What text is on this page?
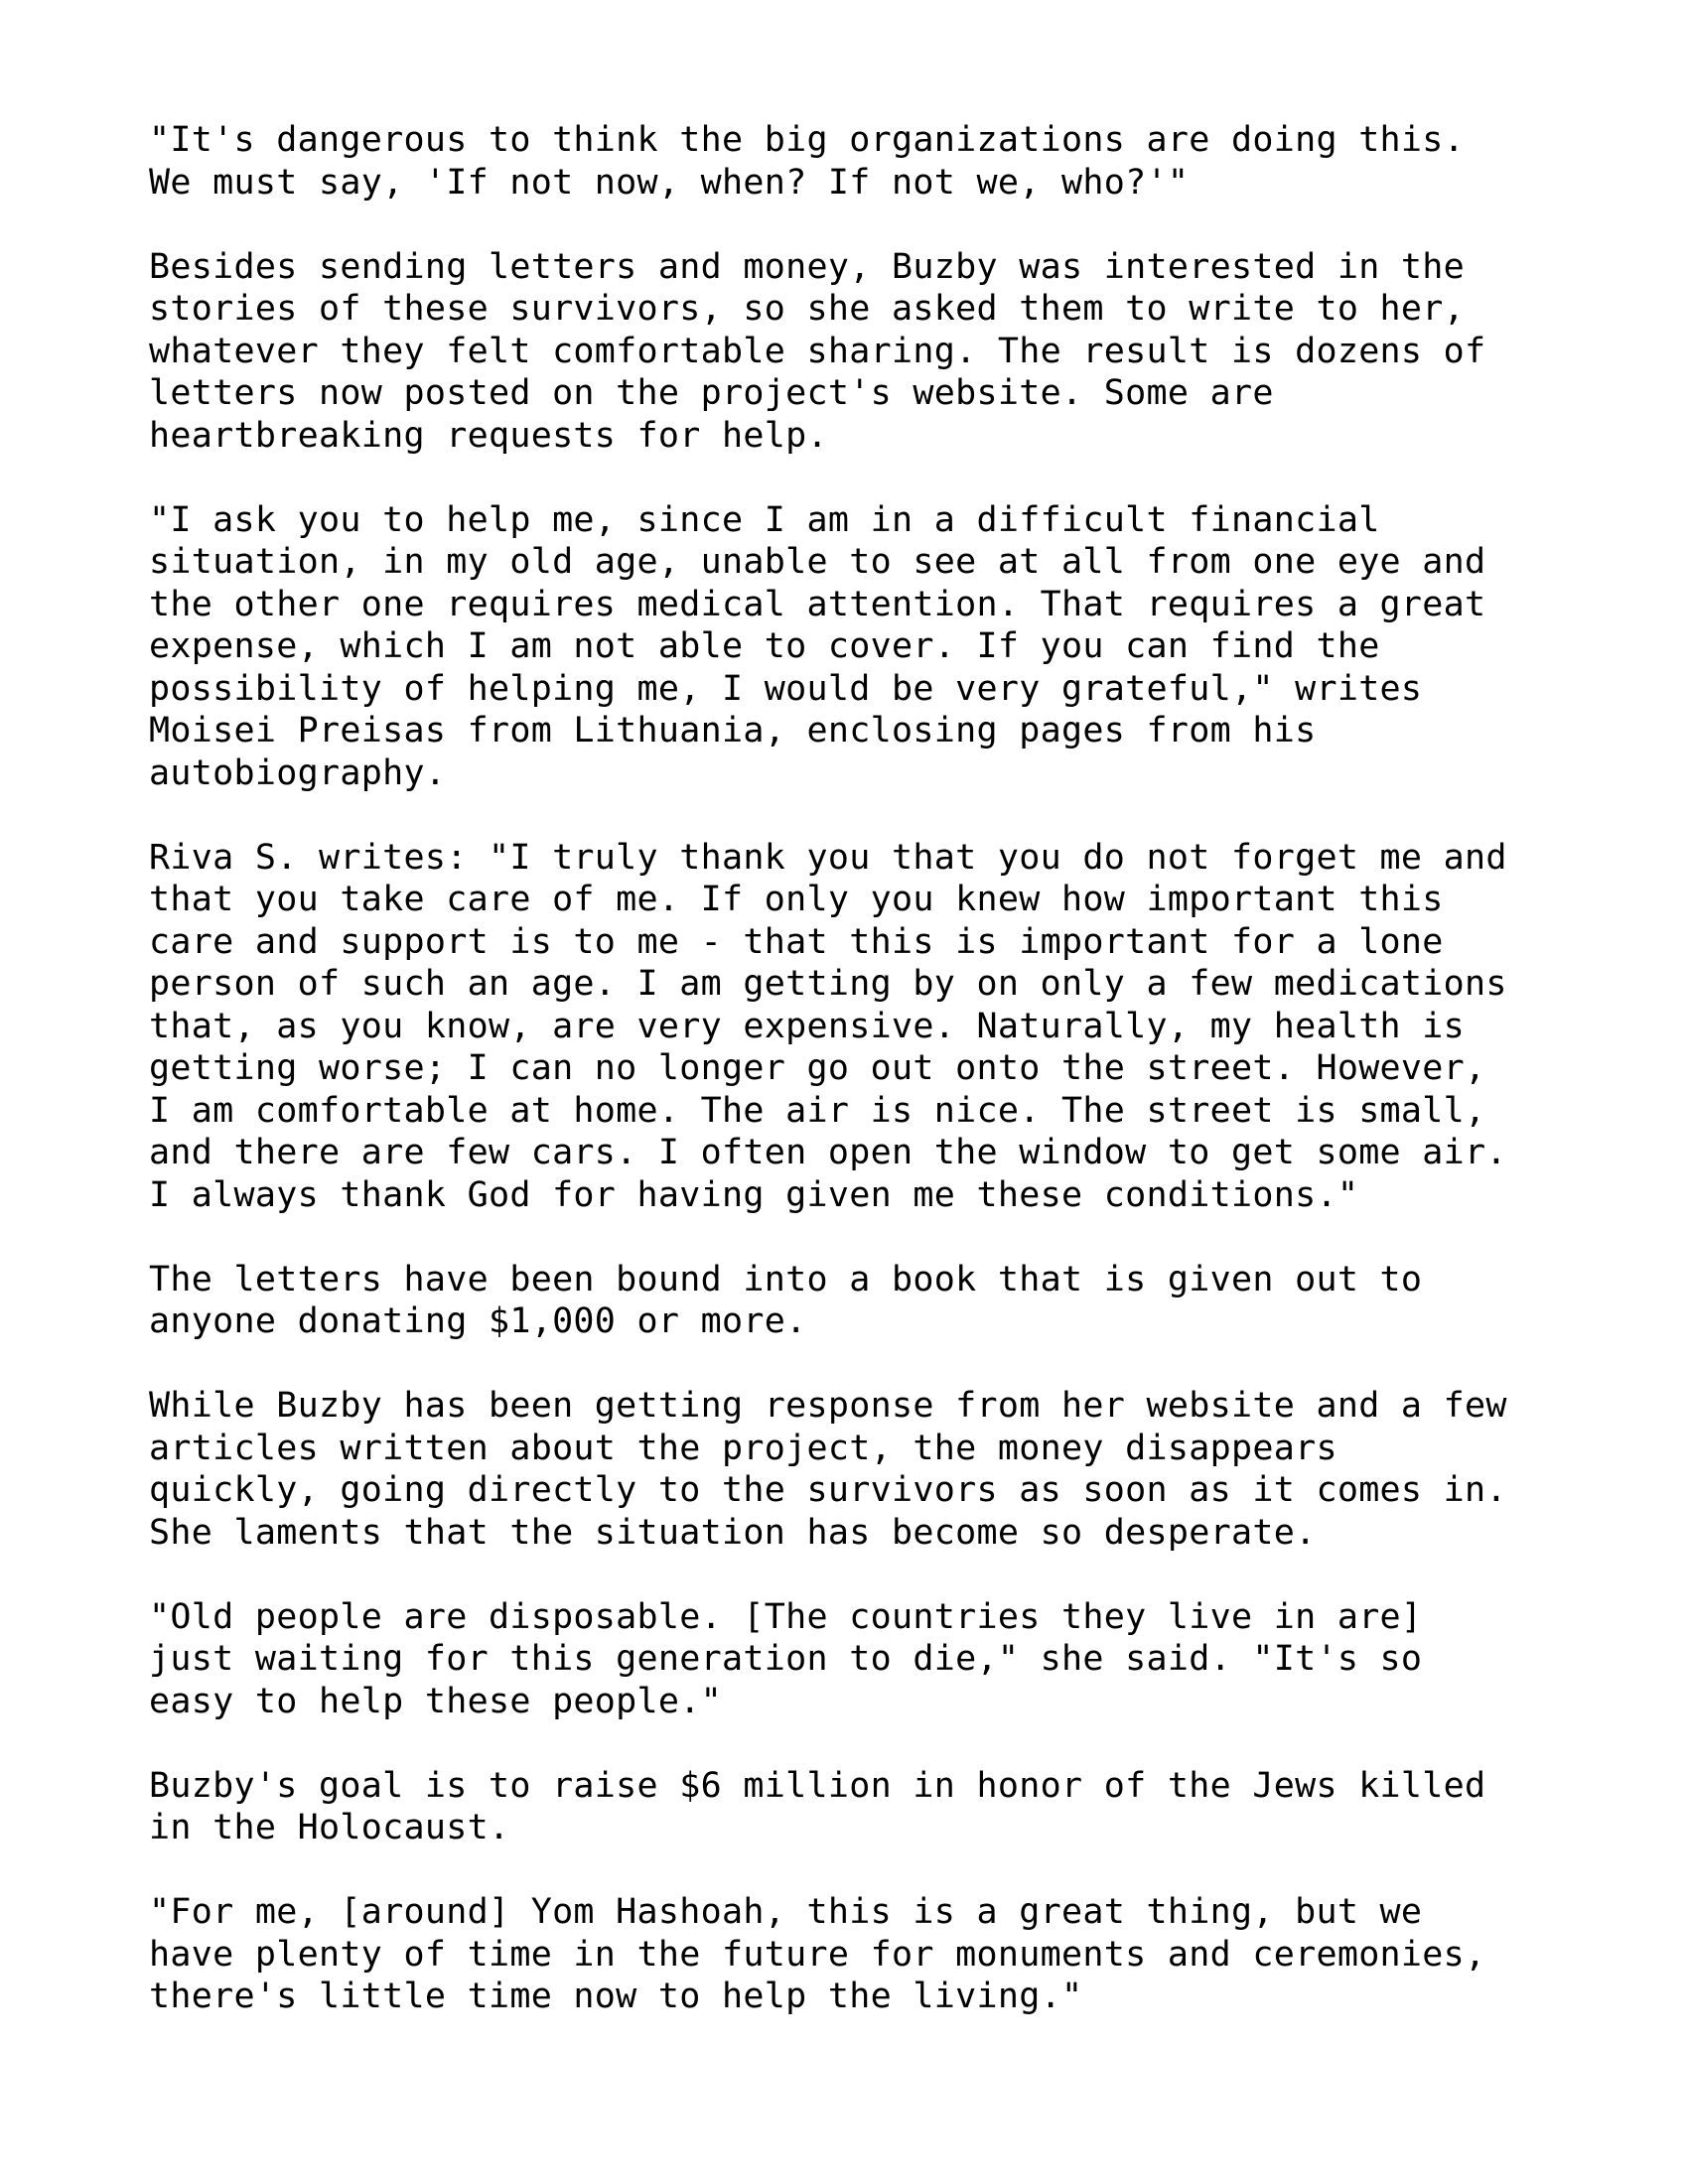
"It's dangerous to think the big organizations are doing this.
We must say, 'If not now, when? If not we, who?'"

Besides sending letters and money, Buzby was interested in the
stories of these survivors, so she asked them to write to her,
whatever they felt comfortable sharing. The result is dozens of
letters now posted on the project's website. Some are
heartbreaking requests for help.

"I ask you to help me, since I am in a difficult financial
situation, in my old age, unable to see at all from one eye and
the other one requires medical attention. That requires a great
expense, which I am not able to cover. If you can find the
possibility of helping me, I would be very grateful," writes
Moisei Preisas from Lithuania, enclosing pages from his
autobiography.

Riva S. writes: "I truly thank you that you do not forget me and
that you take care of me. If only you knew how important this
care and support is to me - that this is important for a lone
person of such an age. I am getting by on only a few medications
that, as you know, are very expensive. Naturally, my health is
getting worse; I can no longer go out onto the street. However,
I am comfortable at home. The air is nice. The street is small,
and there are few cars. I often open the window to get some air.
I always thank God for having given me these conditions."

The letters have been bound into a book that is given out to
anyone donating $1,000 or more.

While Buzby has been getting response from her website and a few
articles written about the project, the money disappears
quickly, going directly to the survivors as soon as it comes in.
She laments that the situation has become so desperate.

"Old people are disposable. [The countries they live in are]
just waiting for this generation to die," she said. "It's so
easy to help these people."

Buzby's goal is to raise $6 million in honor of the Jews killed
in the Holocaust.

"For me, [around] Yom Hashoah, this is a great thing, but we
have plenty of time in the future for monuments and ceremonies,
there's little time now to help the living."
